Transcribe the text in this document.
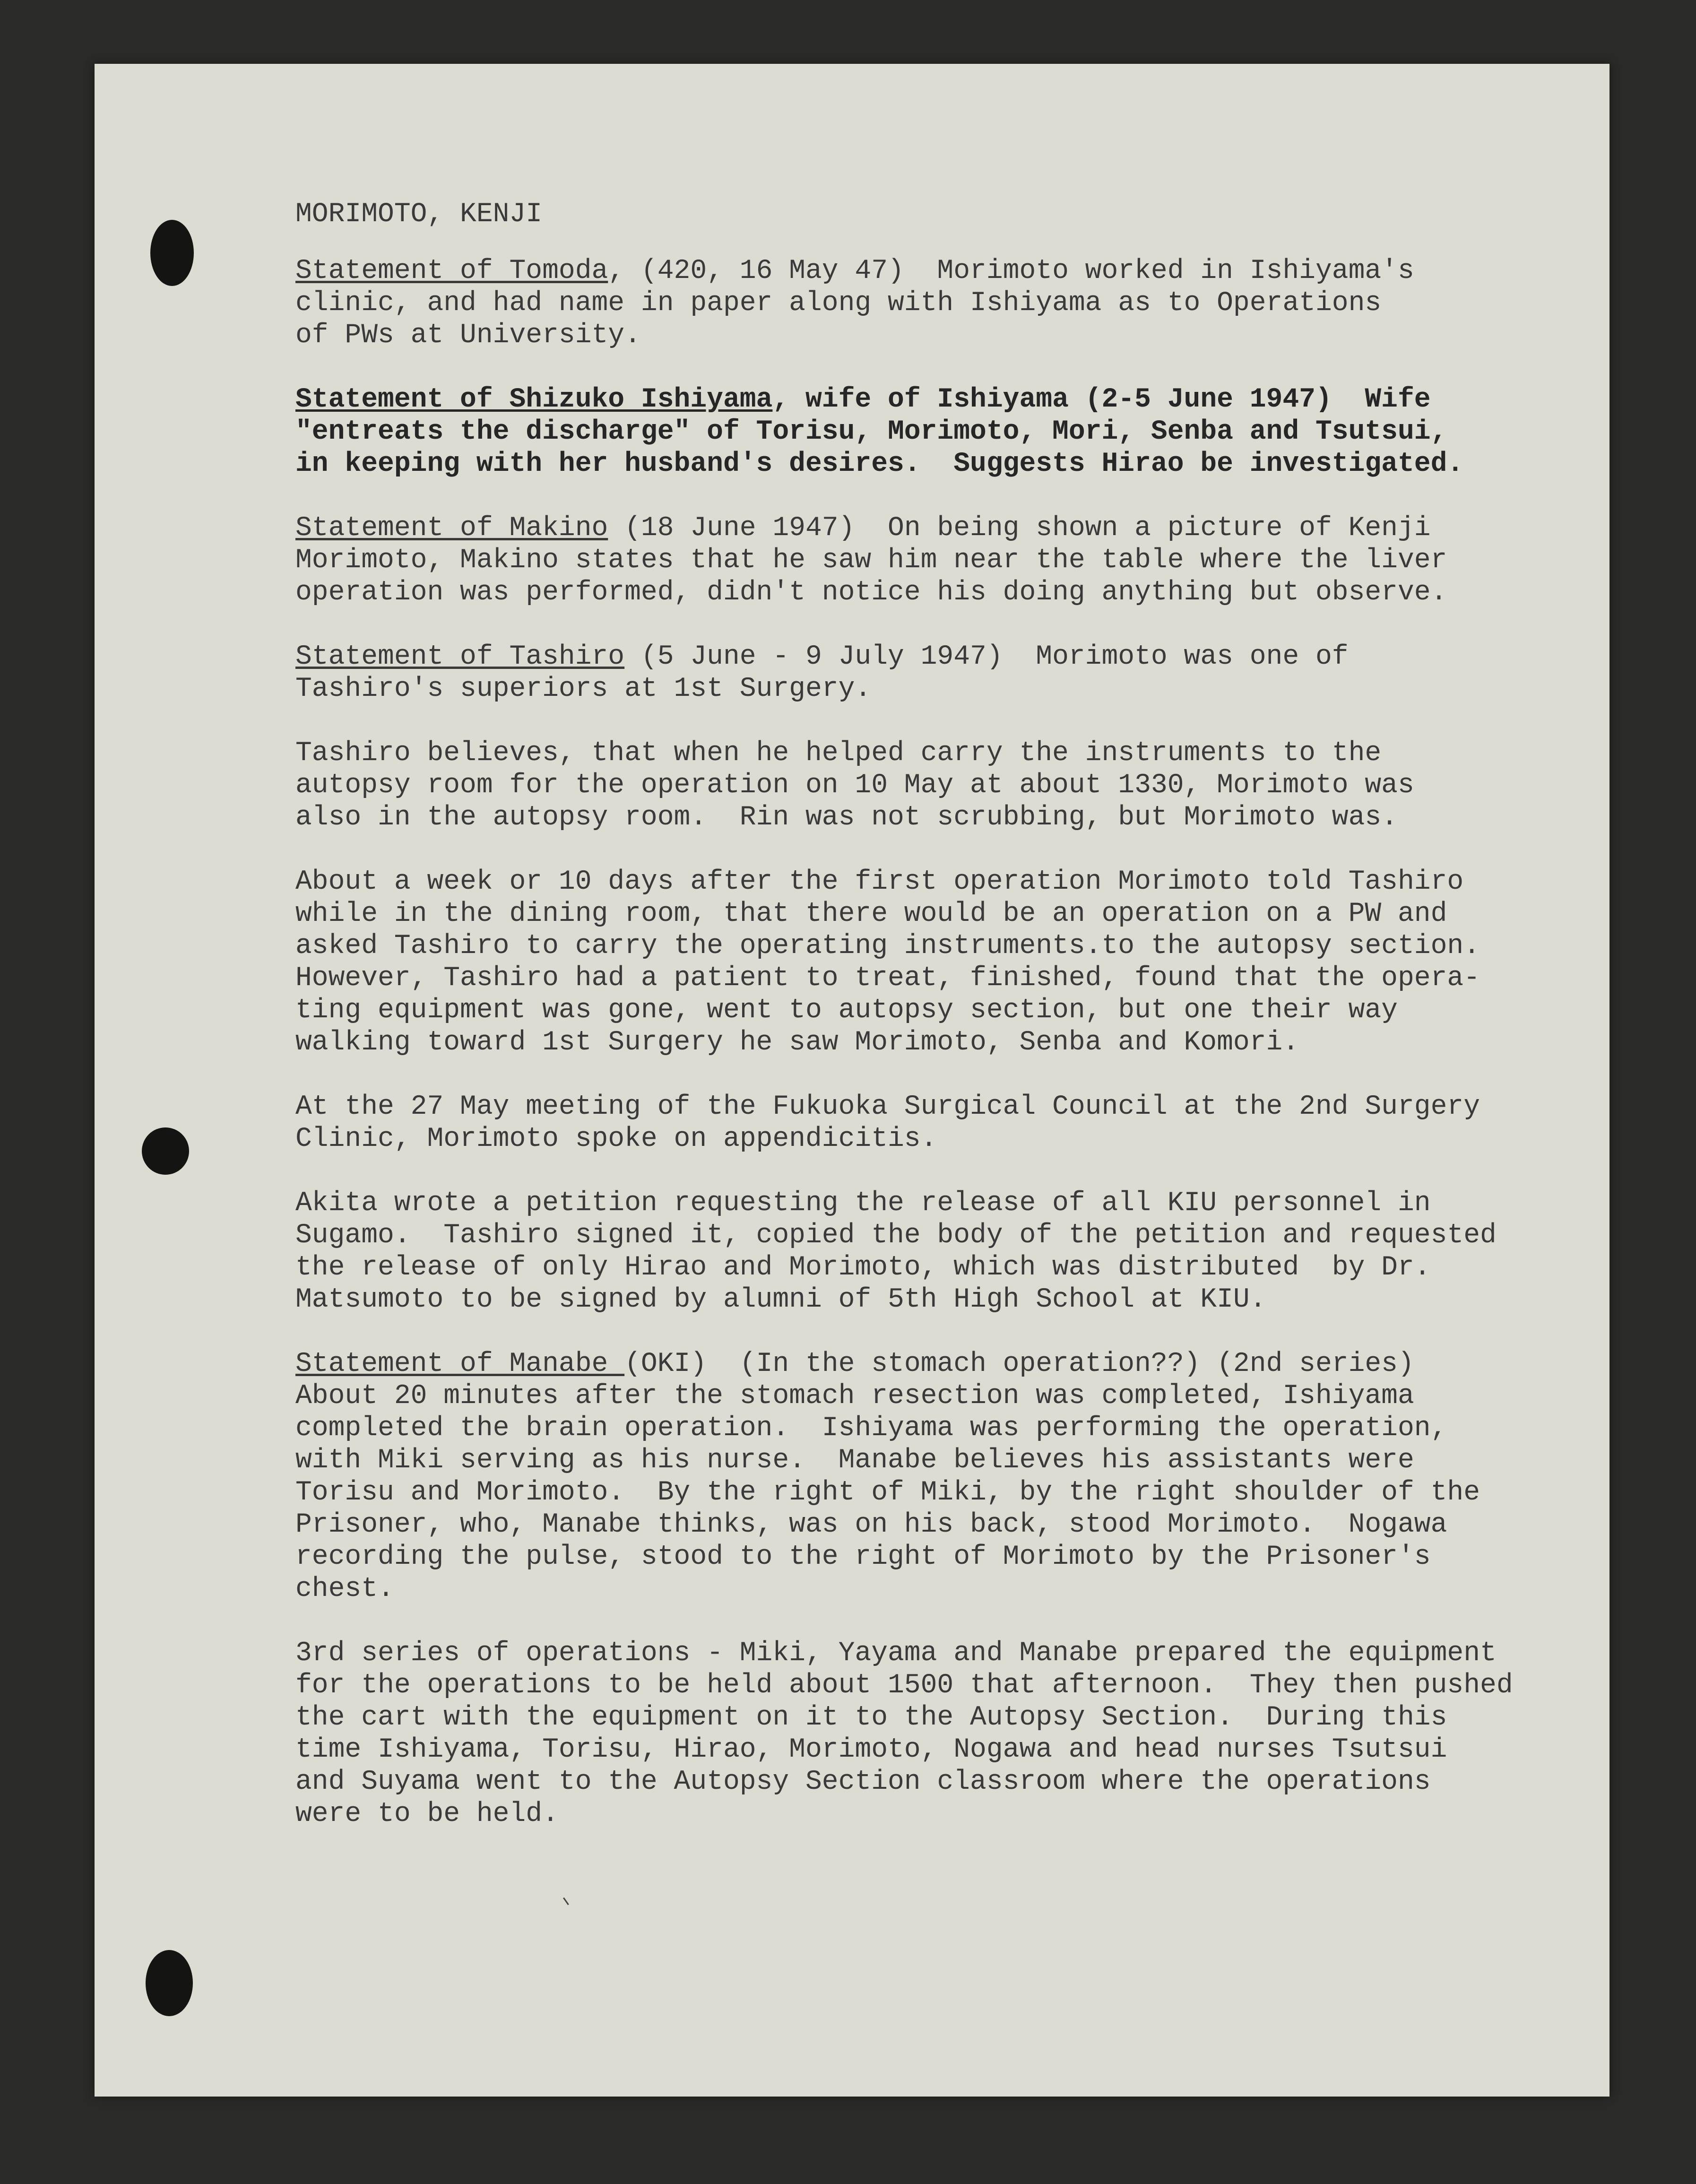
MORIMOTO, KENJI
Statement of Tomoda, (420, 16 May 47)  Morimoto worked in Ishiyama's
clinic, and had name in paper along with Ishiyama as to Operations
of PWs at University.
Statement of Shizuko Ishiyama, wife of Ishiyama (2-5 June 1947)  Wife
"entreats the discharge" of Torisu, Morimoto, Mori, Senba and Tsutsui,
in keeping with her husband's desires.  Suggests Hirao be investigated.
Statement of Makino (18 June 1947)  On being shown a picture of Kenji
Morimoto, Makino states that he saw him near the table where the liver
operation was performed, didn't notice his doing anything but observe.
Statement of Tashiro (5 June - 9 July 1947)  Morimoto was one of
Tashiro's superiors at 1st Surgery.
Tashiro believes, that when he helped carry the instruments to the
autopsy room for the operation on 10 May at about 1330, Morimoto was
also in the autopsy room.  Rin was not scrubbing, but Morimoto was.
About a week or 10 days after the first operation Morimoto told Tashiro
while in the dining room, that there would be an operation on a PW and
asked Tashiro to carry the operating instruments.to the autopsy section.
However, Tashiro had a patient to treat, finished, found that the opera-
ting equipment was gone, went to autopsy section, but one their way
walking toward 1st Surgery he saw Morimoto, Senba and Komori.
At the 27 May meeting of the Fukuoka Surgical Council at the 2nd Surgery
Clinic, Morimoto spoke on appendicitis.
Akita wrote a petition requesting the release of all KIU personnel in
Sugamo.  Tashiro signed it, copied the body of the petition and requested
the release of only Hirao and Morimoto, which was distributed  by Dr.
Matsumoto to be signed by alumni of 5th High School at KIU.
Statement of Manabe (OKI)  (In the stomach operation??) (2nd series)
About 20 minutes after the stomach resection was completed, Ishiyama
completed the brain operation.  Ishiyama was performing the operation,
with Miki serving as his nurse.  Manabe believes his assistants were
Torisu and Morimoto.  By the right of Miki, by the right shoulder of the
Prisoner, who, Manabe thinks, was on his back, stood Morimoto.  Nogawa
recording the pulse, stood to the right of Morimoto by the Prisoner's
chest.
3rd series of operations - Miki, Yayama and Manabe prepared the equipment
for the operations to be held about 1500 that afternoon.  They then pushed
the cart with the equipment on it to the Autopsy Section.  During this
time Ishiyama, Torisu, Hirao, Morimoto, Nogawa and head nurses Tsutsui
and Suyama went to the Autopsy Section classroom where the operations
were to be held.
